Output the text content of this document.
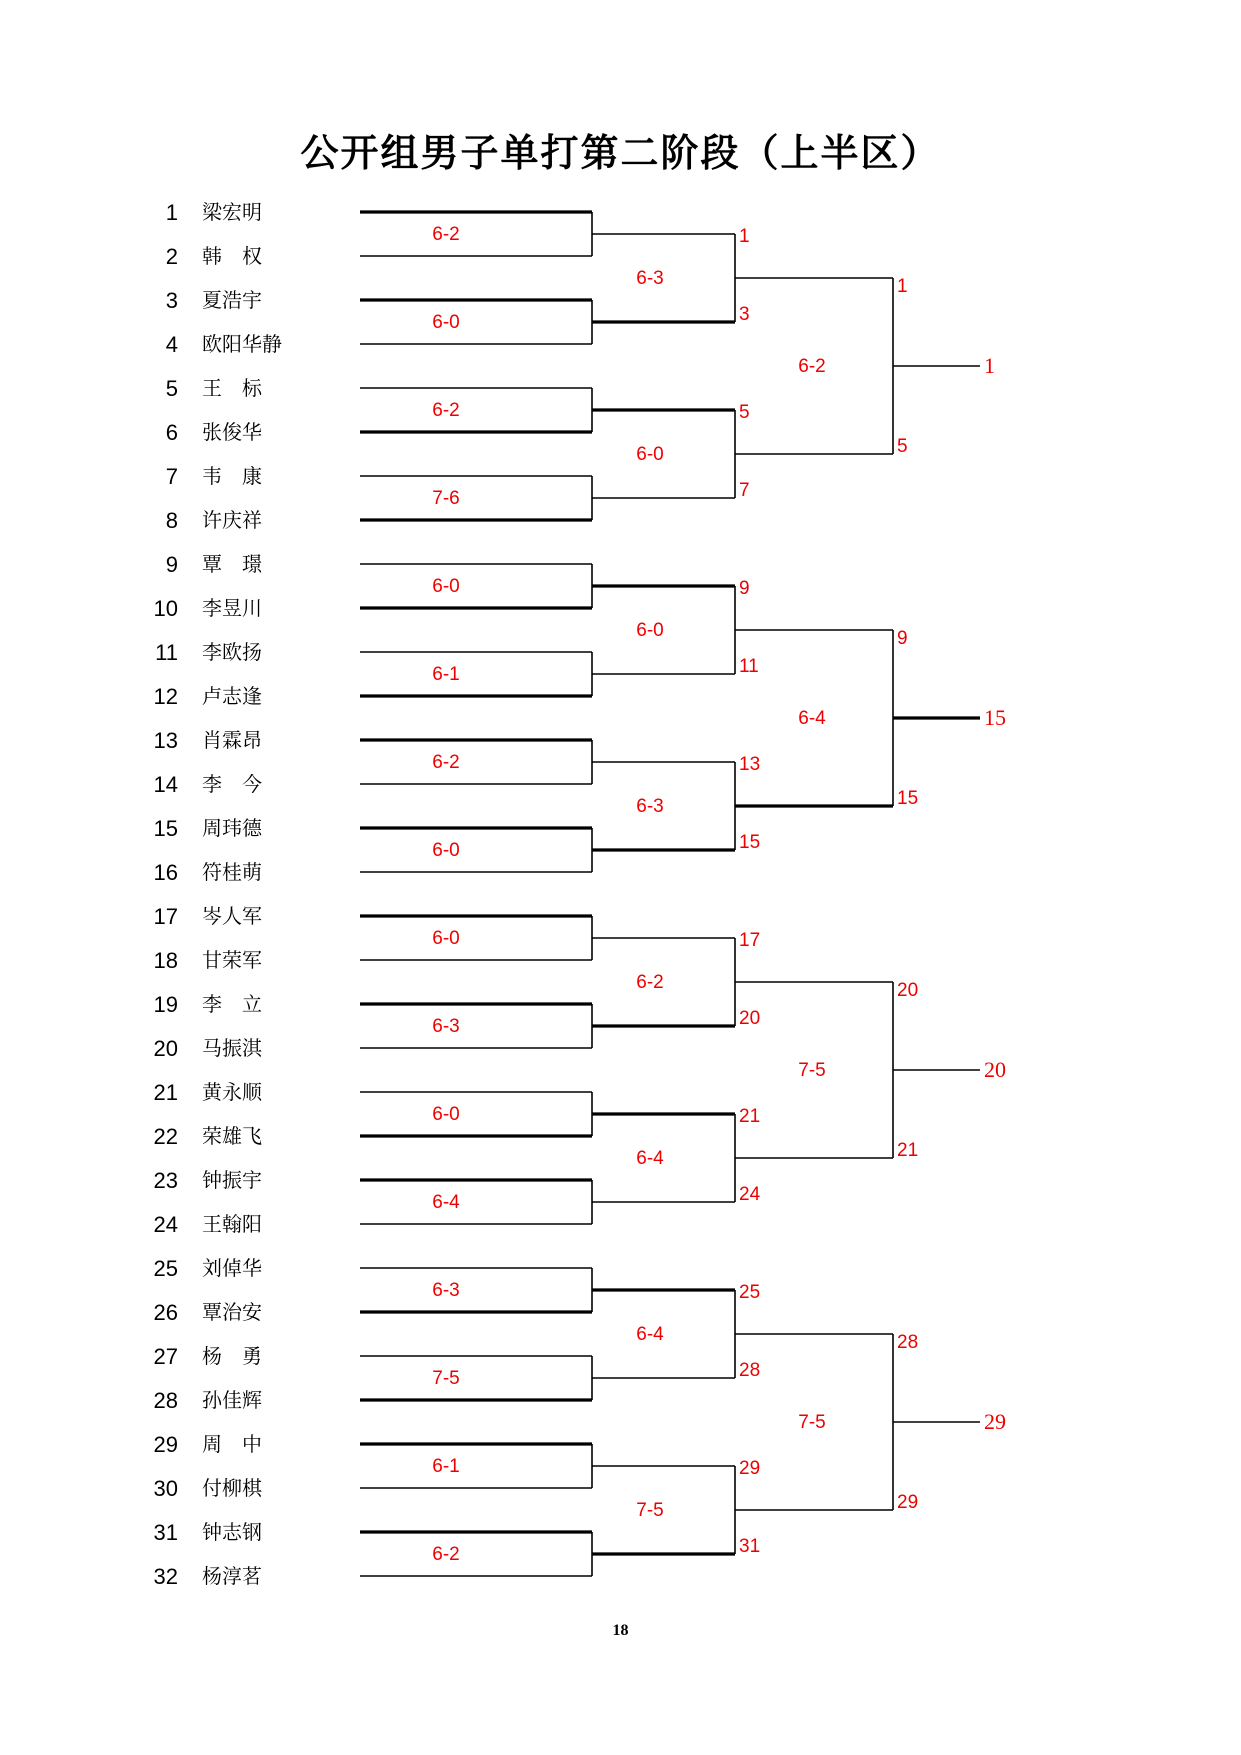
公开组男子单打第二阶段（上半区）
1 梁宏明
2 韩　权
3 夏浩宇
4 欧阳华静
5 王　标
6 张俊华
7 韦　康
8 许庆祥
9 覃　璟
10 李昱川
11 李欧扬
12 卢志逢
13 肖霖昂
14 李　今
15 周玮德
16 符桂萌
17 岑人军
18 甘荣军
19 李　立
20 马振淇
21 黄永顺
22 荣雄飞
23 钟振宇
24 王翰阳
25 刘倬华
26 覃治安
27 杨　勇
28 孙佳辉
29 周　中
30 付柳棋
31 钟志钢
32 杨淳茗
6-2
6-0
6-2
7-6
6-0
6-1
6-2
6-0
6-0
6-3
6-0
6-4
6-3
7-5
6-1
6-2
1
3
6-3
5
7
6-0
9
11
6-0
13
15
6-3
17
20
6-2
21
24
6-4
25
28
6-4
29
31
7-5
1
5
6-2	1
9
15
6-4	15
20
21
7-5	20
28
29
7-5	29
18
